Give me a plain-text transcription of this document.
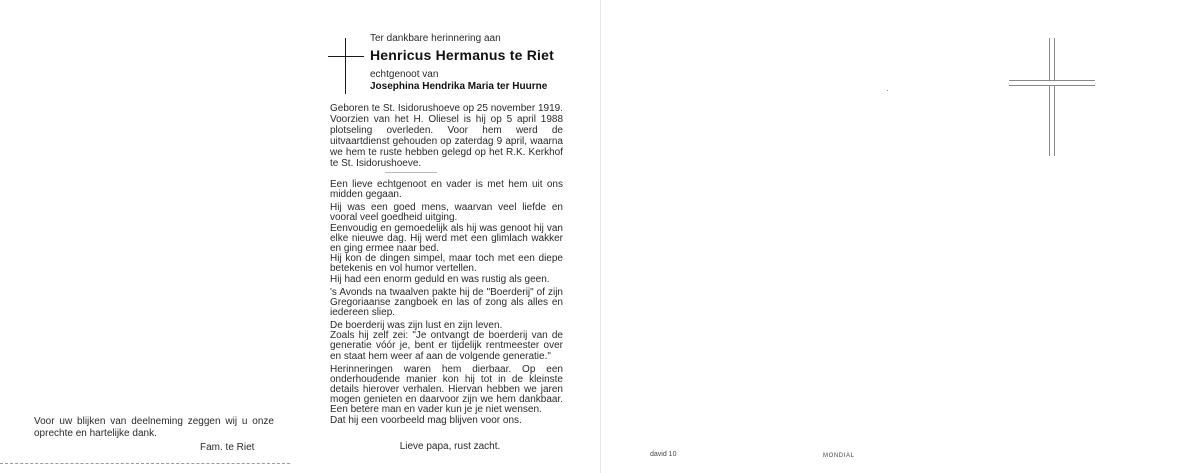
Voor uw blijken van deelneming zeggen wij u onze oprechte en hartelijke dank.
Fam. te Riet
Ter dankbare herinnering aan
Henricus Hermanus te Riet
echtgenoot van
Josephina Hendrika Maria ter Huurne
Geboren te St. Isidorushoeve op 25 november 1919. Voorzien van het H. Oliesel is hij op 5 april 1988 plotseling overleden. Voor hem werd de uitvaartdienst gehouden op zaterdag 9 april, waarna we hem te ruste hebben gelegd op het R.K. Kerkhof te St. Isidorushoeve.

Een lieve echtgenoot en vader is met hem uit ons midden gegaan.

Hij was een goed mens, waarvan veel liefde en vooral veel goedheid uitging.
Eenvoudig en gemoedelijk als hij was genoot hij van elke nieuwe dag. Hij werd met een glimlach wakker en ging ermee naar bed.
Hij kon de dingen simpel, maar toch met een diepe betekenis en vol humor vertellen.
Hij had een enorm geduld en was rustig als geen.

's Avonds na twaalven pakte hij de "Boerderij" of zijn Gregoriaanse zangboek en las of zong als alles en iedereen sliep.

De boerderij was zijn lust en zijn leven.
Zoals hij zelf zei: "Je ontvangt de boerderij van de generatie vóór je, bent er tijdelijk rentmeester over en staat hem weer af aan de volgende generatie."

Herinneringen waren hem dierbaar. Op een onderhoudende manier kon hij tot in de kleinste details hierover verhalen. Hiervan hebben we jaren mogen genieten en daarvoor zijn we hem dankbaar. Een betere man en vader kun je je niet wensen.
Dat hij een voorbeeld mag blijven voor ons.

Lieve papa, rust zacht.
·
david 10	MONDIAL
